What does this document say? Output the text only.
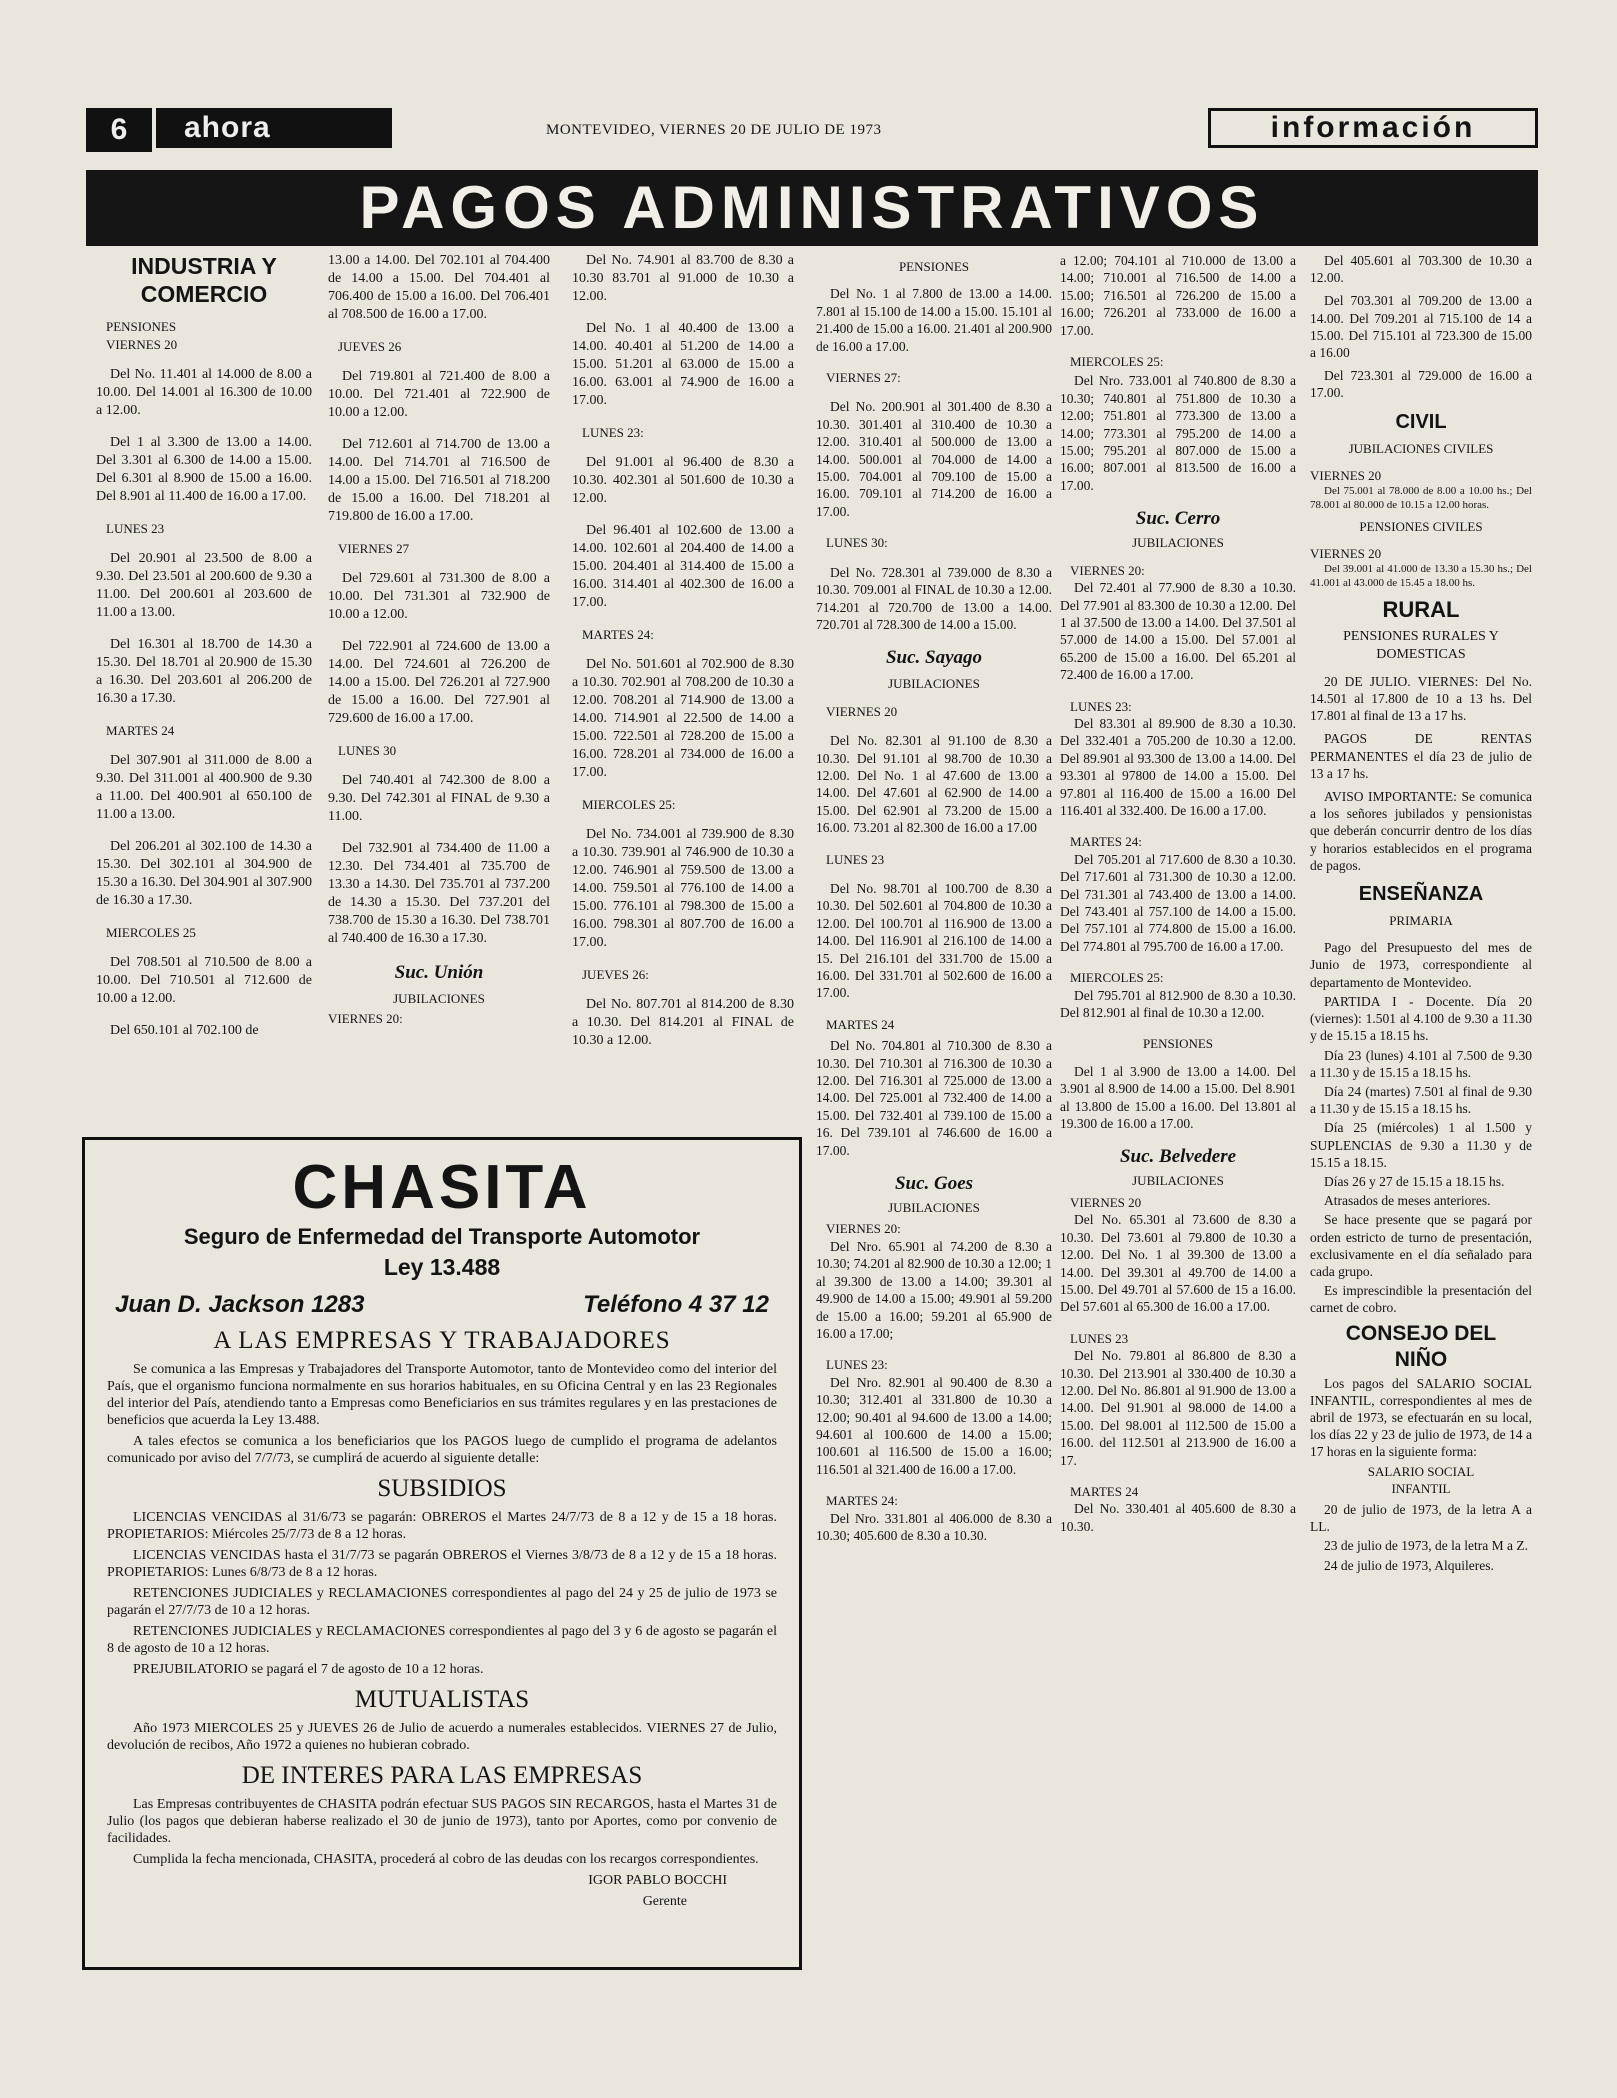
6	ahora	MONTEVIDEO, VIERNES 20 DE JULIO DE 1973	información
PAGOS ADMINISTRATIVOS
INDUSTRIA Y COMERCIO
PENSIONES
VIERNES 20

Del No. 11.401 al 14.000 de 8.00 a 10.00. Del 14.001 al 16.300 de 10.00 a 12.00.

Del 1 al 3.300 de 13.00 a 14.00. Del 3.301 al 6.300 de 14.00 a 15.00. Del 6.301 al 8.900 de 15.00 a 16.00. Del 8.901 al 11.400 de 16.00 a 17.00.

LUNES 23

Del 20.901 al 23.500 de 8.00 a 9.30. Del 23.501 al 200.600 de 9.30 a 11.00. Del 200.601 al 203.600 de 11.00 a 13.00.

Del 16.301 al 18.700 de 14.30 a 15.30. Del 18.701 al 20.900 de 15.30 a 16.30. Del 203.601 al 206.200 de 16.30 a 17.30.

MARTES 24

Del 307.901 al 311.000 de 8.00 a 9.30. Del 311.001 al 400.900 de 9.30 a 11.00. Del 400.901 al 650.100 de 11.00 a 13.00.

Del 206.201 al 302.100 de 14.30 a 15.30. Del 302.101 al 304.900 de 15.30 a 16.30. Del 304.901 al 307.900 de 16.30 a 17.30.

MIERCOLES 25

Del 708.501 al 710.500 de 8.00 a 10.00. Del 710.501 al 712.600 de 10.00 a 12.00.

Del 650.101 al 702.100 de

13.00 a 14.00. Del 702.101 al 704.400 de 14.00 a 15.00. Del 704.401 al 706.400 de 15.00 a 16.00. Del 706.401 al 708.500 de 16.00 a 17.00.

JUEVES 26

Del 719.801 al 721.400 de 8.00 a 10.00. Del 721.401 al 722.900 de 10.00 a 12.00.

Del 712.601 al 714.700 de 13.00 a 14.00. Del 714.701 al 716.500 de 14.00 a 15.00. Del 716.501 al 718.200 de 15.00 a 16.00. Del 718.201 al 719.800 de 16.00 a 17.00.

VIERNES 27

Del 729.601 al 731.300 de 8.00 a 10.00. Del 731.301 al 732.900 de 10.00 a 12.00.

Del 722.901 al 724.600 de 13.00 a 14.00. Del 724.601 al 726.200 de 14.00 a 15.00. Del 726.201 al 727.900 de 15.00 a 16.00. Del 727.901 al 729.600 de 16.00 a 17.00.

LUNES 30

Del 740.401 al 742.300 de 8.00 a 9.30. Del 742.301 al FINAL de 9.30 a 11.00.

Del 732.901 al 734.400 de 11.00 a 12.30. Del 734.401 al 735.700 de 13.30 a 14.30. Del 735.701 al 737.200 de 14.30 a 15.30. Del 737.201 del 738.700 de 15.30 a 16.30. Del 738.701 al 740.400 de 16.30 a 17.30.

Suc. Unión
JUBILACIONES
VIERNES 20:

Del No. 74.901 al 83.700 de 8.30 a 10.30 83.701 al 91.000 de 10.30 a 12.00.

Del No. 1 al 40.400 de 13.00 a 14.00. 40.401 al 51.200 de 14.00 a 15.00. 51.201 al 63.000 de 15.00 a 16.00. 63.001 al 74.900 de 16.00 a 17.00.

LUNES 23:

Del 91.001 al 96.400 de 8.30 a 10.30. 402.301 al 501.600 de 10.30 a 12.00.

Del 96.401 al 102.600 de 13.00 a 14.00. 102.601 al 204.400 de 14.00 a 15.00. 204.401 al 314.400 de 15.00 a 16.00. 314.401 al 402.300 de 16.00 a 17.00.

MARTES 24:

Del No. 501.601 al 702.900 de 8.30 a 10.30. 702.901 al 708.200 de 10.30 a 12.00. 708.201 al 714.900 de 13.00 a 14.00. 714.901 al 22.500 de 14.00 a 15.00. 722.501 al 728.200 de 15.00 a 16.00. 728.201 al 734.000 de 16.00 a 17.00.

MIERCOLES 25:

Del No. 734.001 al 739.900 de 8.30 a 10.30. 739.901 al 746.900 de 10.30 a 12.00. 746.901 al 759.500 de 13.00 a 14.00. 759.501 al 776.100 de 14.00 a 15.00. 776.101 al 798.300 de 15.00 a 16.00. 798.301 al 807.700 de 16.00 a 17.00.

JUEVES 26:

Del No. 807.701 al 814.200 de 8.30 a 10.30. Del 814.201 al FINAL de 10.30 a 12.00.

PENSIONES

Del No. 1 al 7.800 de 13.00 a 14.00. 7.801 al 15.100 de 14.00 a 15.00. 15.101 al 21.400 de 15.00 a 16.00. 21.401 al 200.900 de 16.00 a 17.00.

VIERNES 27:

Del No. 200.901 al 301.400 de 8.30 a 10.30. 301.401 al 310.400 de 10.30 a 12.00. 310.401 al 500.000 de 13.00 a 14.00. 500.001 al 704.000 de 14.00 a 15.00. 704.001 al 709.100 de 15.00 a 16.00. 709.101 al 714.200 de 16.00 a 17.00.

LUNES 30:

Del No. 728.301 al 739.000 de 8.30 a 10.30. 709.001 al FINAL de 10.30 a 12.00. 714.201 al 720.700 de 13.00 a 14.00. 720.701 al 728.300 de 14.00 a 15.00.

Suc. Sayago
JUBILACIONES
VIERNES 20

Del No. 82.301 al 91.100 de 8.30 a 10.30. Del 91.101 al 98.700 de 10.30 a 12.00. Del No. 1 al 47.600 de 13.00 a 14.00. Del 47.601 al 62.900 de 14.00 a 15.00. Del 62.901 al 73.200 de 15.00 a 16.00. 73.201 al 82.300 de 16.00 a 17.00

LUNES 23

Del No. 98.701 al 100.700 de 8.30 a 10.30. Del 502.601 al 704.800 de 10.30 a 12.00. Del 100.701 al 116.900 de 13.00 a 14.00. Del 116.901 al 216.100 de 14.00 a 15. Del 216.101 del 331.700 de 15.00 a 16.00. Del 331.701 al 502.600 de 16.00 a 17.00.

MARTES 24

Del No. 704.801 al 710.300 de 8.30 a 10.30. Del 710.301 al 716.300 de 10.30 a 12.00. Del 716.301 al 725.000 de 13.00 a 14.00. Del 725.001 al 732.400 de 14.00 a 15.00. Del 732.401 al 739.100 de 15.00 a 16. Del 739.101 al 746.600 de 16.00 a 17.00.

Suc. Goes
JUBILACIONES
VIERNES 20:

Del Nro. 65.901 al 74.200 de 8.30 a 10.30; 74.201 al 82.900 de 10.30 a 12.00; 1 al 39.300 de 13.00 a 14.00; 39.301 al 49.900 de 14.00 a 15.00; 49.901 al 59.200 de 15.00 a 16.00; 59.201 al 65.900 de 16.00 a 17.00;

LUNES 23:

Del Nro. 82.901 al 90.400 de 8.30 a 10.30; 312.401 al 331.800 de 10.30 a 12.00; 90.401 al 94.600 de 13.00 a 14.00; 94.601 al 100.600 de 14.00 a 15.00; 100.601 al 116.500 de 15.00 a 16.00; 116.501 al 321.400 de 16.00 a 17.00.

MARTES 24:

Del Nro. 331.801 al 406.000 de 8.30 a 10.30; 405.600 de 8.30 a 10.30.

a 12.00; 704.101 al 710.000 de 13.00 a 14.00; 710.001 al 716.500 de 14.00 a 15.00; 716.501 al 726.200 de 15.00 a 16.00; 726.201 al 733.000 de 16.00 a 17.00.

MIERCOLES 25:

Del Nro. 733.001 al 740.800 de 8.30 a 10.30; 740.801 al 751.800 de 10.30 a 12.00; 751.801 al 773.300 de 13.00 a 14.00; 773.301 al 795.200 de 14.00 a 15.00; 795.201 al 807.000 de 15.00 a 16.00; 807.001 al 813.500 de 16.00 a 17.00.

Suc. Cerro
JUBILACIONES
VIERNES 20:

Del 72.401 al 77.900 de 8.30 a 10.30. Del 77.901 al 83.300 de 10.30 a 12.00. Del 1 al 37.500 de 13.00 a 14.00. Del 37.501 al 57.000 de 14.00 a 15.00. Del 57.001 al 65.200 de 15.00 a 16.00. Del 65.201 al 72.400 de 16.00 a 17.00.

LUNES 23:

Del 83.301 al 89.900 de 8.30 a 10.30. Del 332.401 a 705.200 de 10.30 a 12.00. Del 89.901 al 93.300 de 13.00 a 14.00. Del 93.301 al 97800 de 14.00 a 15.00. Del 97.801 al 116.400 de 15.00 a 16.00 Del 116.401 al 332.400. De 16.00 a 17.00.

MARTES 24:

Del 705.201 al 717.600 de 8.30 a 10.30. Del 717.601 al 731.300 de 10.30 a 12.00. Del 731.301 al 743.400 de 13.00 a 14.00. Del 743.401 al 757.100 de 14.00 a 15.00. Del 757.101 al 774.800 de 15.00 a 16.00. Del 774.801 al 795.700 de 16.00 a 17.00.

MIERCOLES 25:

Del 795.701 al 812.900 de 8.30 a 10.30. Del 812.901 al final de 10.30 a 12.00.

PENSIONES

Del 1 al 3.900 de 13.00 a 14.00. Del 3.901 al 8.900 de 14.00 a 15.00. Del 8.901 al 13.800 de 15.00 a 16.00. Del 13.801 al 19.300 de 16.00 a 17.00.

Suc. Belvedere
JUBILACIONES
VIERNES 20

Del No. 65.301 al 73.600 de 8.30 a 10.30. Del 73.601 al 79.800 de 10.30 a 12.00. Del No. 1 al 39.300 de 13.00 a 14.00. Del 39.301 al 49.700 de 14.00 a 15.00. Del 49.701 al 57.600 de 15 a 16.00. Del 57.601 al 65.300 de 16.00 a 17.00.

LUNES 23

Del No. 79.801 al 86.800 de 8.30 a 10.30. Del 213.901 al 330.400 de 10.30 a 12.00. Del No. 86.801 al 91.900 de 13.00 a 14.00. Del 91.901 al 98.000 de 14.00 a 15.00. Del 98.001 al 112.500 de 15.00 a 16.00. del 112.501 al 213.900 de 16.00 a 17.

MARTES 24

Del No. 330.401 al 405.600 de 8.30 a 10.30.

Del 405.601 al 703.300 de 10.30 a 12.00.

Del 703.301 al 709.200 de 13.00 a 14.00. Del 709.201 al 715.100 de 14 a 15.00. Del 715.101 al 723.300 de 15.00 a 16.00

Del 723.301 al 729.000 de 16.00 a 17.00.

CIVIL
JUBILACIONES CIVILES
VIERNES 20

Del 75.001 al 78.000 de 8.00 a 10.00 hs.; Del 78.001 al 80.000 de 10.15 a 12.00 horas.

PENSIONES CIVILES
VIERNES 20

Del 39.001 al 41.000 de 13.30 a 15.30 hs.; Del 41.001 al 43.000 de 15.45 a 18.00 hs.

RURAL
PENSIONES RURALES Y DOMESTICAS

20 DE JULIO. VIERNES: Del No. 14.501 al 17.800 de 10 a 13 hs. Del 17.801 al final de 13 a 17 hs.

PAGOS DE RENTAS PERMANENTES el día 23 de julio de 13 a 17 hs.

AVISO IMPORTANTE: Se comunica a los señores jubilados y pensionistas que deberán concurrir dentro de los días y horarios establecidos en el programa de pagos.

ENSEÑANZA
PRIMARIA

Pago del Presupuesto del mes de Junio de 1973, correspondiente al departamento de Montevideo.

PARTIDA I - Docente. Día 20 (viernes): 1.501 al 4.100 de 9.30 a 11.30 y de 15.15 a 18.15 hs.

Día 23 (lunes) 4.101 al 7.500 de 9.30 a 11.30 y de 15.15 a 18.15 hs.

Día 24 (martes) 7.501 al final de 9.30 a 11.30 y de 15.15 a 18.15 hs.

Día 25 (miércoles) 1 al 1.500 y SUPLENCIAS de 9.30 a 11.30 y de 15.15 a 18.15.

Días 26 y 27 de 15.15 a 18.15 hs.

Atrasados de meses anteriores.

Se hace presente que se pagará por orden estricto de turno de presentación, exclusivamente en el día señalado para cada grupo.

Es imprescindible la presentación del carnet de cobro.

CONSEJO DEL NIÑO

Los pagos del SALARIO SOCIAL INFANTIL, correspondientes al mes de abril de 1973, se efectuarán en su local, los días 22 y 23 de julio de 1973, de 14 a 17 horas en la siguiente forma:

SALARIO SOCIAL INFANTIL

20 de julio de 1973, de la letra A a LL.

23 de julio de 1973, de la letra M a Z.

24 de julio de 1973, Alquileres.

CHASITA
Seguro de Enfermedad del Transporte Automotor
Ley 13.488
Juan D. Jackson 1283	Teléfono 4 37 12
A LAS EMPRESAS Y TRABAJADORES

Se comunica a las Empresas y Trabajadores del Transporte Automotor, tanto de Montevideo como del interior del País, que el organismo funciona normalmente en sus horarios habituales, en su Oficina Central y en las 23 Regionales del interior del País, atendiendo tanto a Empresas como Beneficiarios en sus trámites regulares y en las prestaciones de beneficios que acuerda la Ley 13.488.

A tales efectos se comunica a los beneficiarios que los PAGOS luego de cumplido el programa de adelantos comunicado por aviso del 7/7/73, se cumplirá de acuerdo al siguiente detalle:

SUBSIDIOS

LICENCIAS VENCIDAS al 31/6/73 se pagarán: OBREROS el Martes 24/7/73 de 8 a 12 y de 15 a 18 horas. PROPIETARIOS: Miércoles 25/7/73 de 8 a 12 horas.

LICENCIAS VENCIDAS hasta el 31/7/73 se pagarán OBREROS el Viernes 3/8/73 de 8 a 12 y de 15 a 18 horas. PROPIETARIOS: Lunes 6/8/73 de 8 a 12 horas.

RETENCIONES JUDICIALES y RECLAMACIONES correspondientes al pago del 24 y 25 de julio de 1973 se pagarán el 27/7/73 de 10 a 12 horas.

RETENCIONES JUDICIALES y RECLAMACIONES correspondientes al pago del 3 y 6 de agosto se pagarán el 8 de agosto de 10 a 12 horas.

PREJUBILATORIO se pagará el 7 de agosto de 10 a 12 horas.

MUTUALISTAS

Año 1973 MIERCOLES 25 y JUEVES 26 de Julio de acuerdo a numerales establecidos. VIERNES 27 de Julio, devolución de recibos, Año 1972 a quienes no hubieran cobrado.

DE INTERES PARA LAS EMPRESAS

Las Empresas contribuyentes de CHASITA podrán efectuar SUS PAGOS SIN RECARGOS, hasta el Martes 31 de Julio (los pagos que debieran haberse realizado el 30 de junio de 1973), tanto por Aportes, como por convenio de facilidades.

Cumplida la fecha mencionada, CHASITA, procederá al cobro de las deudas con los recargos correspondientes.

IGOR PABLO BOCCHI

Gerente
